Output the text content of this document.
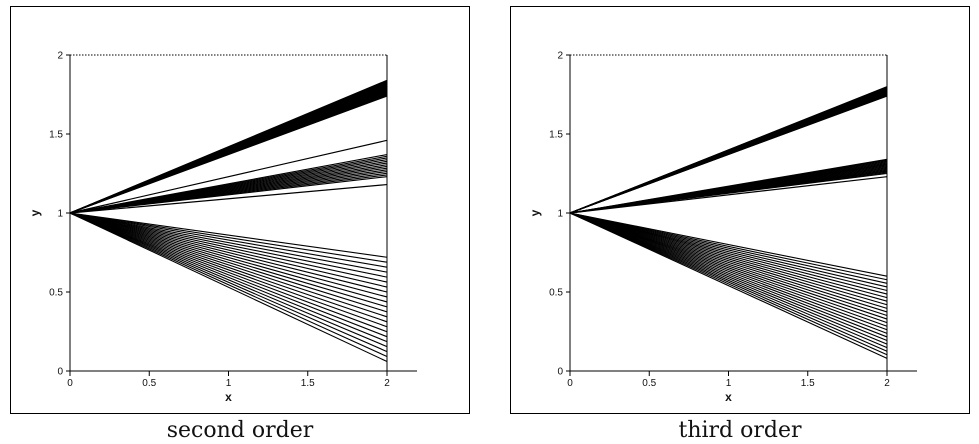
0	0.5	1	1.5	2
0
0.5
1
1.5
2
x
y
second order
0	0.5	1	1.5	2
0
0.5
1
1.5
2
x
y
third order
